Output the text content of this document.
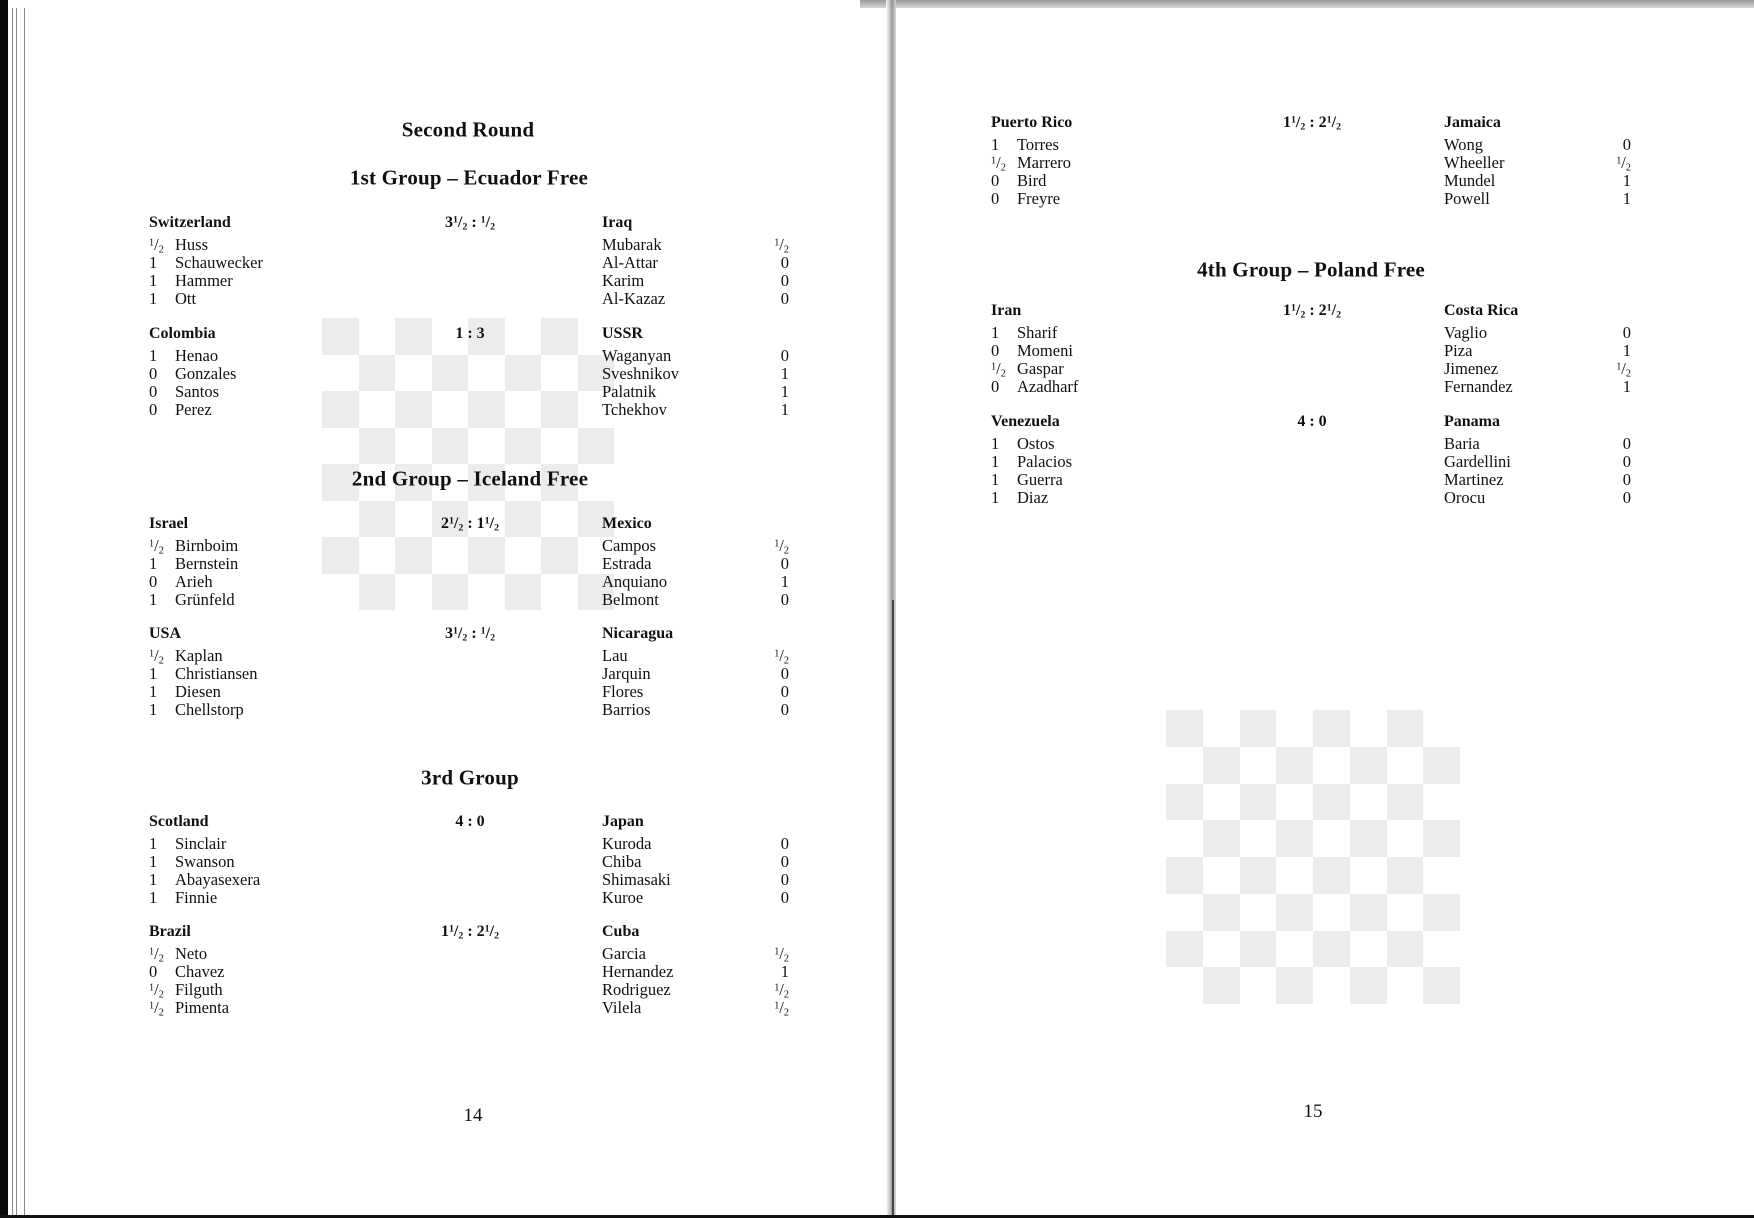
Second Round
1st Group – Ecuador Free
2nd Group – Iceland Free
3rd Group
14
Switzerland	$3^1/_2$ : $^1/_2$	Iraq
$^1/_2$ Huss
1 Schauwecker
1 Hammer
1 Ott
Mubarak	$^1/_2$
Al-Attar	0
Karim	0
Al-Kazaz	0
Colombia	1 : 3	USSR
1 Henao
0 Gonzales
0 Santos
0 Perez
Waganyan	0
Sveshnikov	1
Palatnik	1
Tchekhov	1
Israel	$2^1/_2$ : $1^1/_2$	Mexico
$^1/_2$ Birnboim
1 Bernstein
0 Arieh
1 Grünfeld
Campos	$^1/_2$
Estrada	0
Anquiano	1
Belmont	0
USA	$3^1/_2$ : $^1/_2$	Nicaragua
$^1/_2$ Kaplan
1 Christiansen
1 Diesen
1 Chellstorp
Lau	$^1/_2$
Jarquin	0
Flores	0
Barrios	0
Scotland	4 : 0	Japan
1 Sinclair
1 Swanson
1 Abayasexera
1 Finnie
Kuroda	0
Chiba	0
Shimasaki	0
Kuroe	0
Brazil	$1^1/_2$ : $2^1/_2$	Cuba
$^1/_2$ Neto
0 Chavez
$^1/_2$ Filguth
$^1/_2$ Pimenta
Garcia	$^1/_2$
Hernandez	1
Rodriguez	$^1/_2$
Vilela	$^1/_2$
4th Group – Poland Free
15
Puerto Rico	$1^1/_2$ : $2^1/_2$	Jamaica
1 Torres
$^1/_2$ Marrero
0 Bird
0 Freyre
Wong	0
Wheeller	$^1/_2$
Mundel	1
Powell	1
Iran	$1^1/_2$ : $2^1/_2$	Costa Rica
1 Sharif
0 Momeni
$^1/_2$ Gaspar
0 Azadharf
Vaglio	0
Piza	1
Jimenez	$^1/_2$
Fernandez	1
Venezuela	4 : 0	Panama
1 Ostos
1 Palacios
1 Guerra
1 Diaz
Baria	0
Gardellini	0
Martinez	0
Orocu	0
